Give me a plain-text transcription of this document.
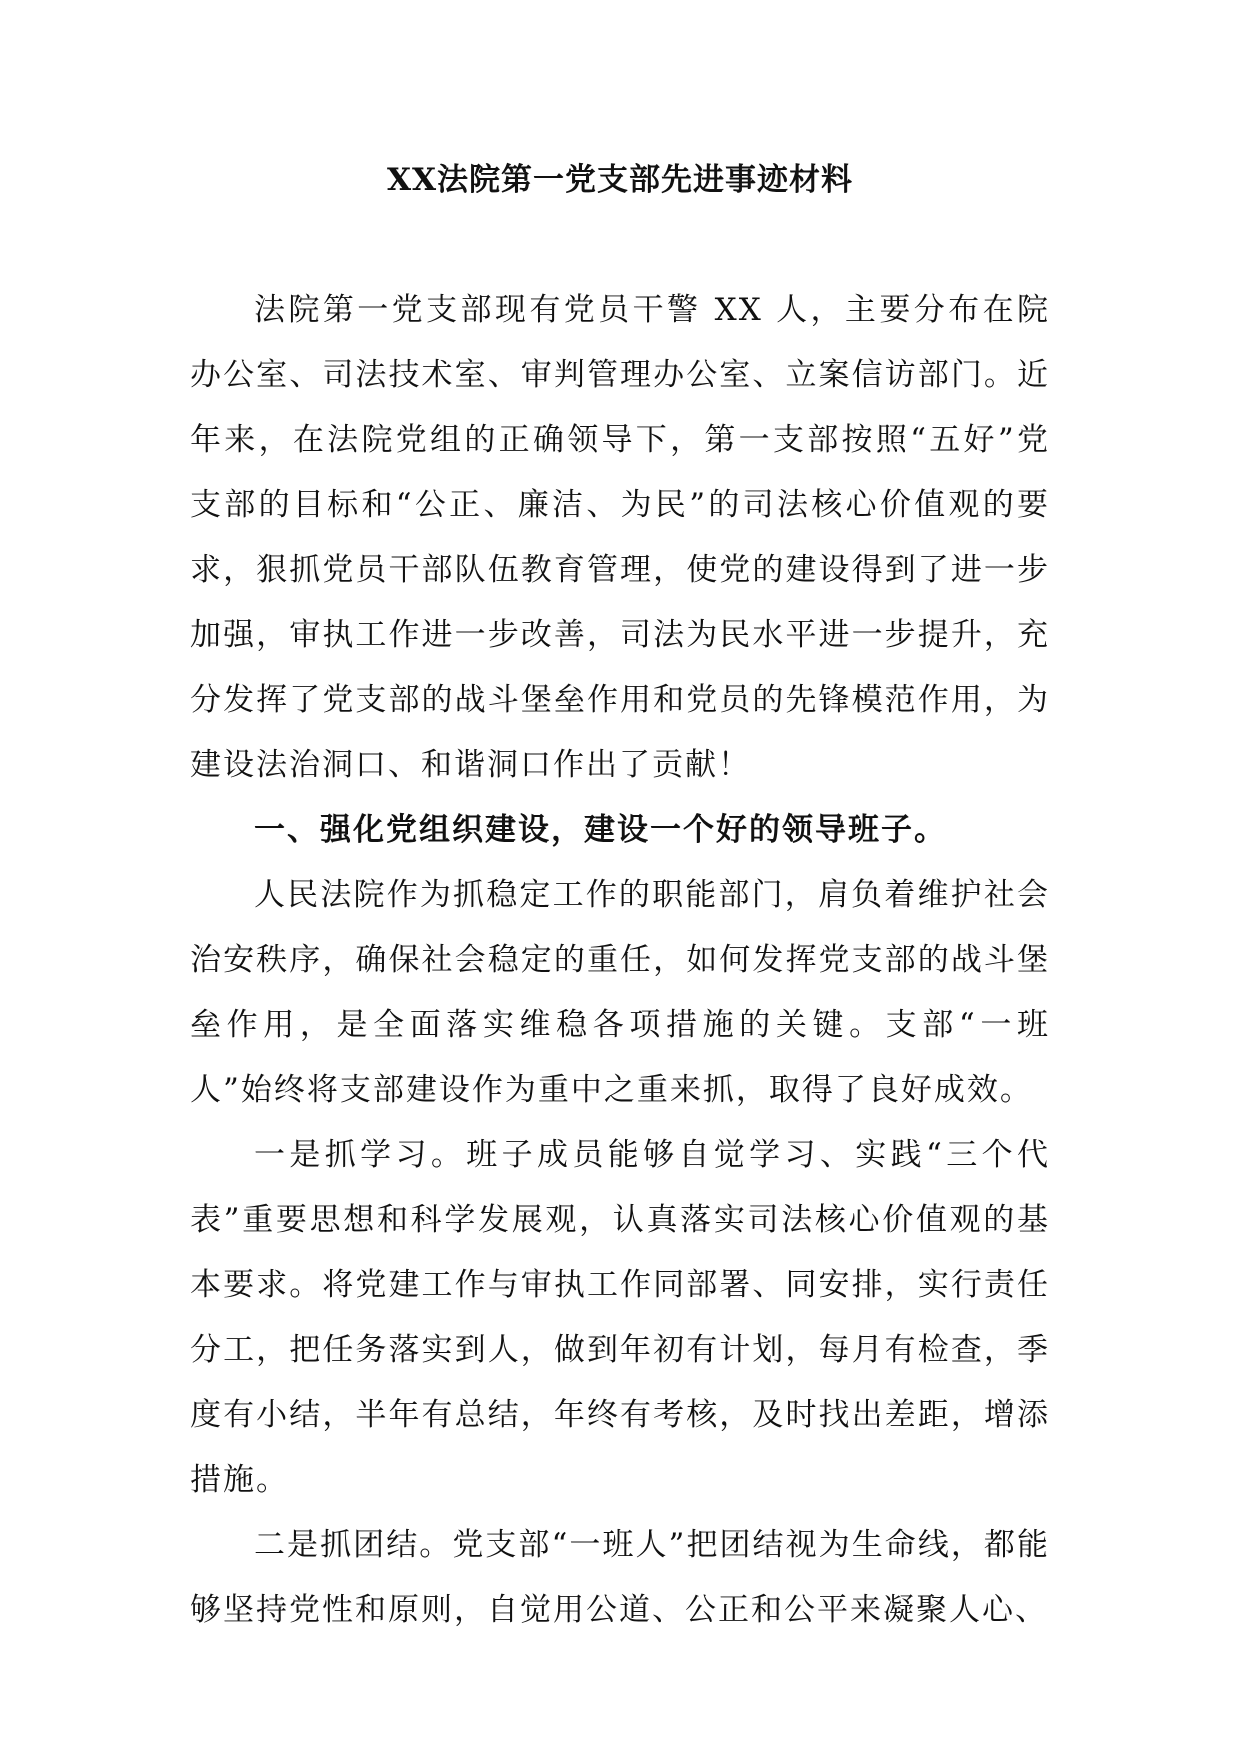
XX法院第一党支部先进事迹材料

法院第一党支部现有党员干警 XX 人，主要分布在院办公室、司法技术室、审判管理办公室、立案信访部门。近年来，在法院党组的正确领导下，第一支部按照“五好”党支部的目标和“公正、廉洁、为民”的司法核心价值观的要求，狠抓党员干部队伍教育管理，使党的建设得到了进一步加强，审执工作进一步改善，司法为民水平进一步提升，充分发挥了党支部的战斗堡垒作用和党员的先锋模范作用，为建设法治洞口、和谐洞口作出了贡献！

一、强化党组织建设，建设一个好的领导班子。

人民法院作为抓稳定工作的职能部门，肩负着维护社会治安秩序，确保社会稳定的重任，如何发挥党支部的战斗堡垒作用，是全面落实维稳各项措施的关键。支部“一班人”始终将支部建设作为重中之重来抓，取得了良好成效。

一是抓学习。班子成员能够自觉学习、实践“三个代表”重要思想和科学发展观，认真落实司法核心价值观的基本要求。将党建工作与审执工作同部署、同安排，实行责任分工，把任务落实到人，做到年初有计划，每月有检查，季度有小结，半年有总结，年终有考核，及时找出差距，增添措施。

二是抓团结。党支部“一班人”把团结视为生命线，都能够坚持党性和原则，自觉用公道、公正和公平来凝聚人心、
